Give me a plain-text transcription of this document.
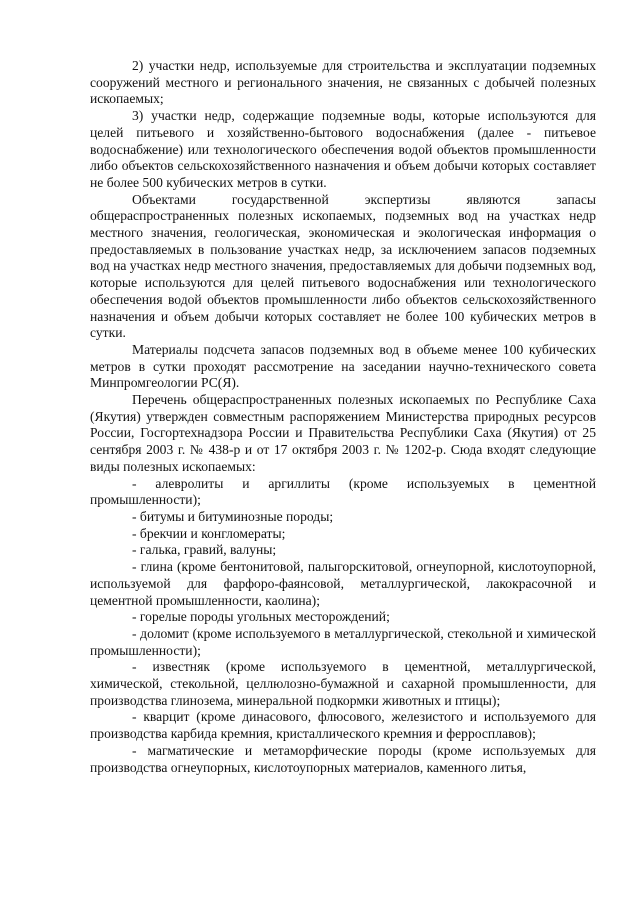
2) участки недр, используемые для строительства и эксплуатации подземных сооружений местного и регионального значения, не связанных с добычей полезных ископаемых;

3) участки недр, содержащие подземные воды, которые используются для целей питьевого и хозяйственно-бытового водоснабжения (далее - питьевое водоснабжение) или технологического обеспечения водой объектов промышленности либо объектов сельскохозяйственного назначения и объем добычи которых составляет не более 500 кубических метров в сутки.

Объектами государственной экспертизы являются запасы общераспространенных полезных ископаемых, подземных вод на участках недр местного значения, геологическая, экономическая и экологическая информация о предоставляемых в пользование участках недр, за исключением запасов подземных вод на участках недр местного значения, предоставляемых для добычи подземных вод, которые используются для целей питьевого водоснабжения или технологического обеспечения водой объектов промышленности либо объектов сельскохозяйственного назначения и объем добычи которых составляет не более 100 кубических метров в сутки.

Материалы подсчета запасов подземных вод в объеме менее 100 кубических метров в сутки проходят рассмотрение на заседании научно-технического совета Минпромгеологии РС(Я).

Перечень общераспространенных полезных ископаемых по Республике Саха (Якутия) утвержден совместным распоряжением Министерства природных ресурсов России, Госгортехнадзора России и Правительства Республики Саха (Якутия) от 25 сентября 2003 г. № 438-р и от 17 октября 2003 г. № 1202-р. Сюда входят следующие виды полезных ископаемых:

- алевролиты и аргиллиты (кроме используемых в цементной промышленности);

- битумы и битуминозные породы;

- брекчии и конгломераты;

- галька, гравий, валуны;

- глина (кроме бентонитовой, палыгорскитовой, огнеупорной, кислотоупорной, используемой для фарфоро-фаянсовой, металлургической, лакокрасочной и цементной промышленности, каолина);

- горелые породы угольных месторождений;

- доломит (кроме используемого в металлургической, стекольной и химической промышленности);

- известняк (кроме используемого в цементной, металлургической, химической, стекольной, целлюлозно-бумажной и сахарной промышленности, для производства глинозема, минеральной подкормки животных и птицы);

- кварцит (кроме динасового, флюсового, железистого и используемого для производства карбида кремния, кристаллического кремния и ферросплавов);

- магматические и метаморфические породы (кроме используемых для производства огнеупорных, кислотоупорных материалов, каменного литья,
